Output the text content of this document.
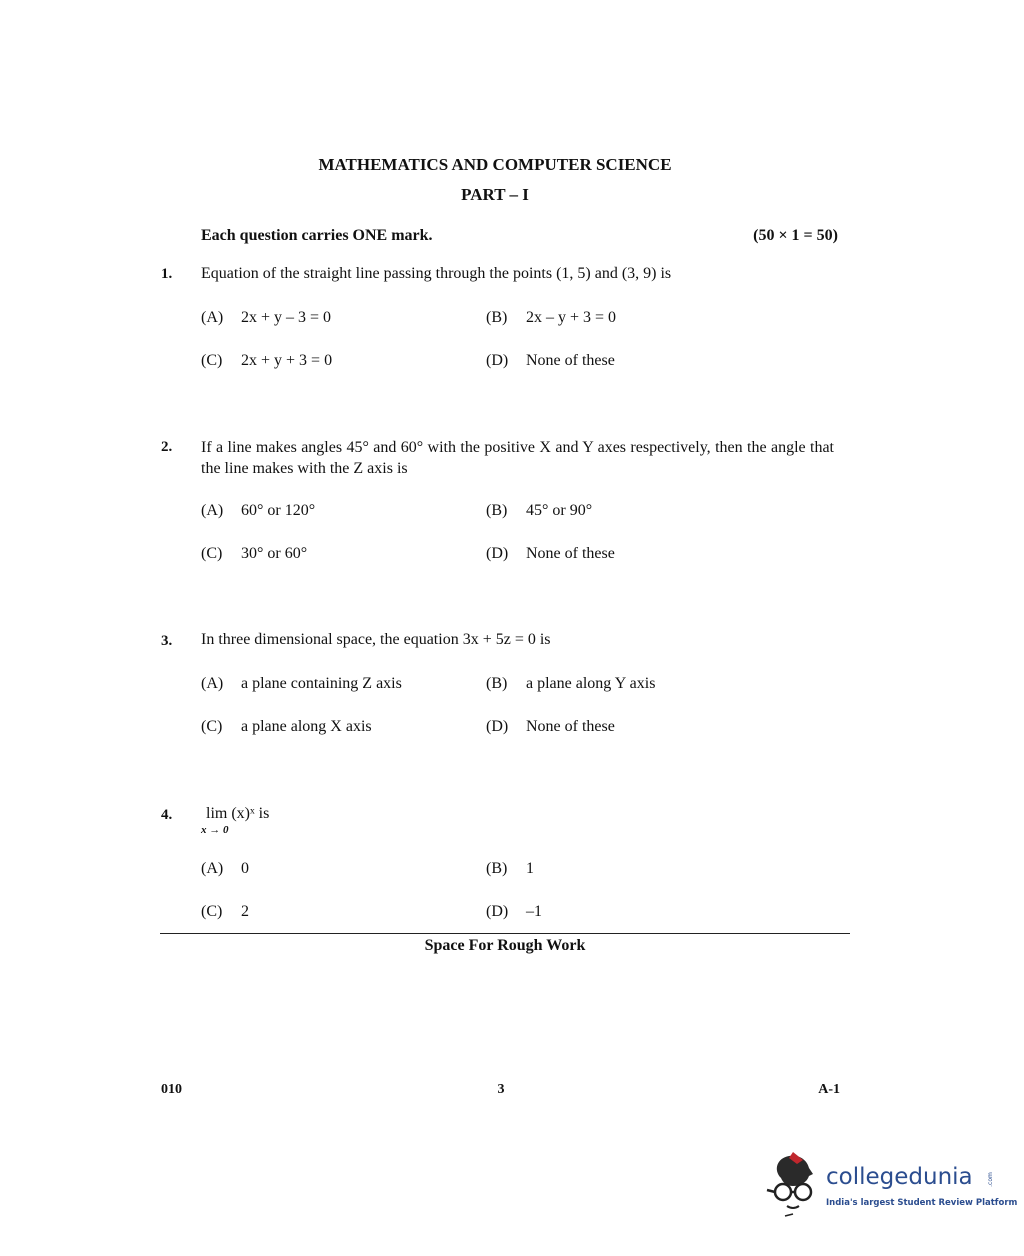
MATHEMATICS AND COMPUTER SCIENCE
PART – I
Each question carries ONE mark.	(50 × 1 = 50)
1. Equation of the straight line passing through the points (1, 5) and (3, 9) is
(A) 2x + y – 3 = 0	(B) 2x – y + 3 = 0
(C) 2x + y + 3 = 0	(D) None of these
2. If a line makes angles 45° and 60° with the positive X and Y axes respectively, then the angle that the line makes with the Z axis is
(A) 60° or 120°	(B) 45° or 90°
(C) 30° or 60°	(D) None of these
3. In three dimensional space, the equation 3x + 5z = 0 is
(A) a plane containing Z axis	(B) a plane along Y axis
(C) a plane along X axis	(D) None of these
4. lim (x)ˣ is
x → 0
(A) 0	(B) 1
(C) 2	(D) –1
Space For Rough Work
010	3	A-1
collegedunia .com
India's largest Student Review Platform
